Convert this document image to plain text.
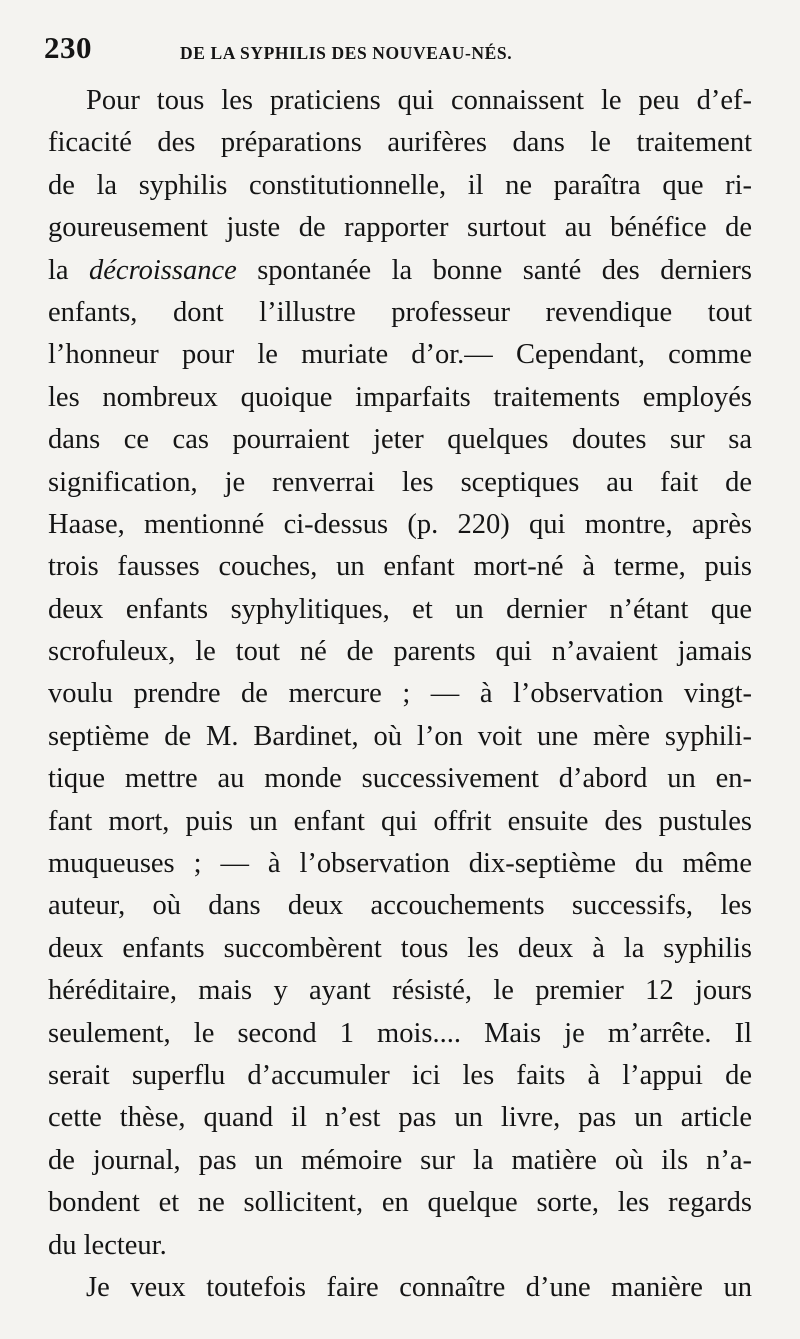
230	DE LA SYPHILIS DES NOUVEAU-NÉS.
Pour tous les praticiens qui connaissent le peu d’ef-
ficacité des préparations aurifères dans le traitement
de la syphilis constitutionnelle, il ne paraîtra que ri-
goureusement juste de rapporter surtout au bénéfice de
la décroissance spontanée la bonne santé des derniers
enfants, dont l’illustre professeur revendique tout
l’honneur pour le muriate d’or.— Cependant, comme
les nombreux quoique imparfaits traitements employés
dans ce cas pourraient jeter quelques doutes sur sa
signification, je renverrai les sceptiques au fait de
Haase, mentionné ci-dessus (p. 220) qui montre, après
trois fausses couches, un enfant mort-né à terme, puis
deux enfants syphylitiques, et un dernier n’étant que
scrofuleux, le tout né de parents qui n’avaient jamais
voulu prendre de mercure ; — à l’observation vingt-
septième de M. Bardinet, où l’on voit une mère syphili-
tique mettre au monde successivement d’abord un en-
fant mort, puis un enfant qui offrit ensuite des pustules
muqueuses ; — à l’observation dix-septième du même
auteur, où dans deux accouchements successifs, les
deux enfants succombèrent tous les deux à la syphilis
héréditaire, mais y ayant résisté, le premier 12 jours
seulement, le second 1 mois.... Mais je m’arrête. Il
serait superflu d’accumuler ici les faits à l’appui de
cette thèse, quand il n’est pas un livre, pas un article
de journal, pas un mémoire sur la matière où ils n’a-
bondent et ne sollicitent, en quelque sorte, les regards
du lecteur.
Je veux toutefois faire connaître d’une manière un
